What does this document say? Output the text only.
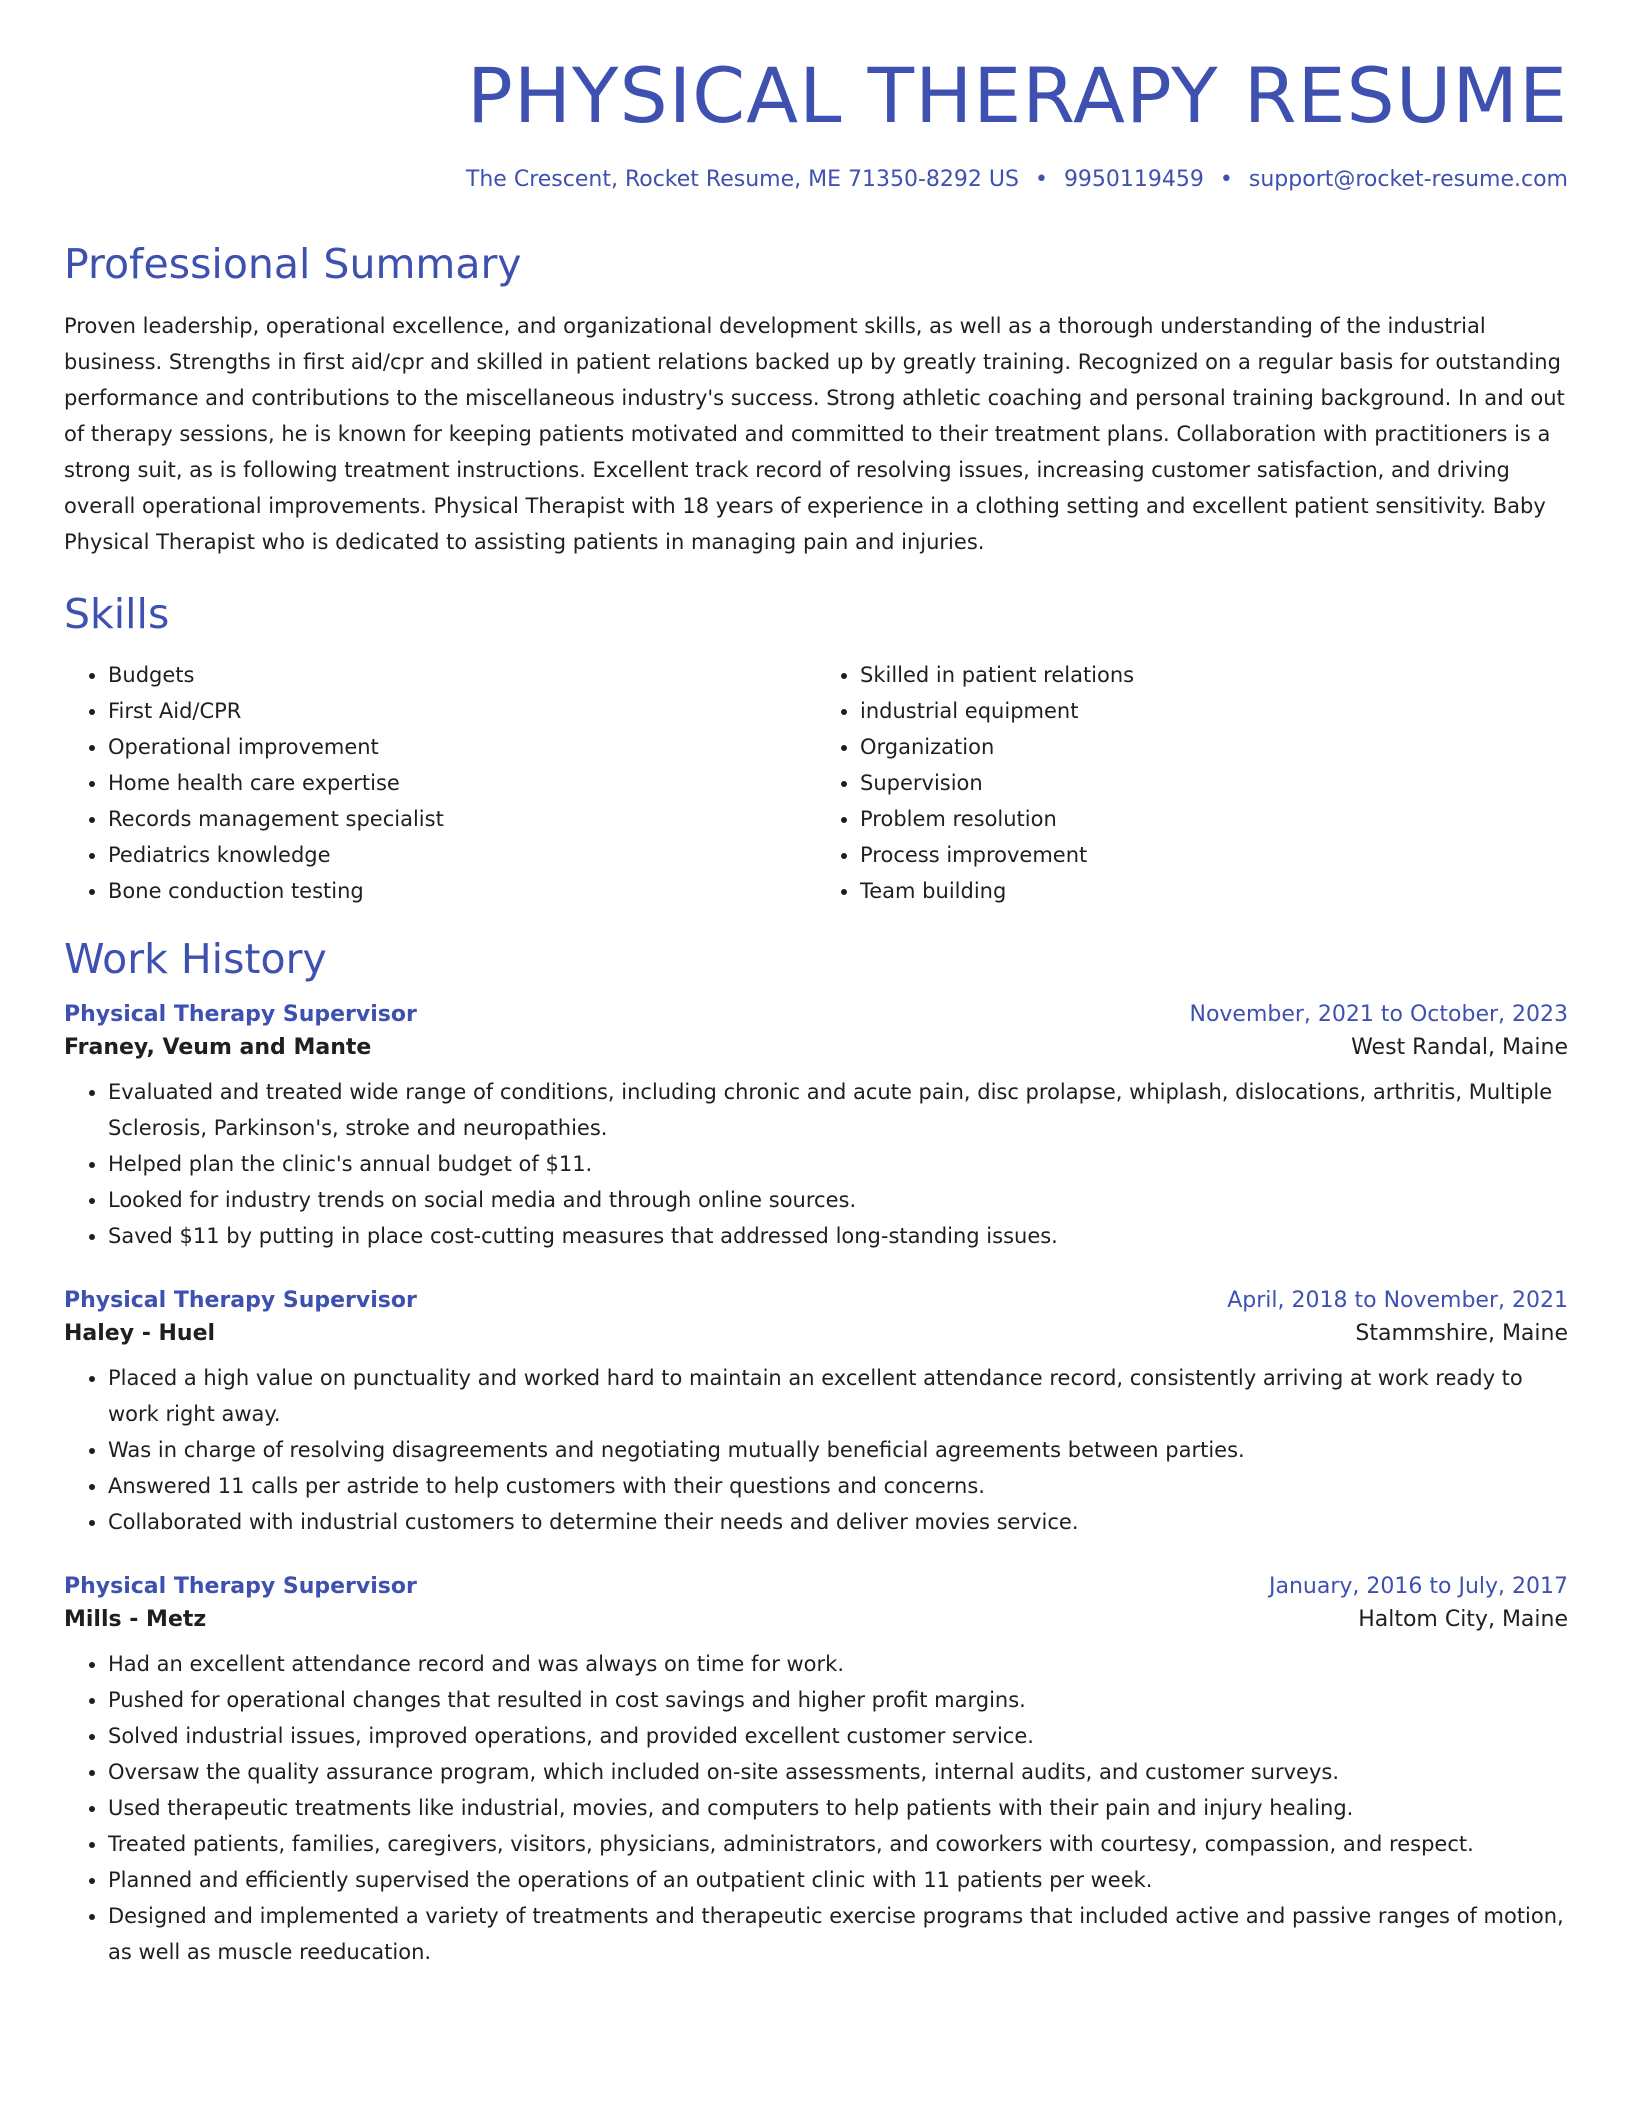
PHYSICAL THERAPY RESUME
The Crescent, Rocket Resume, ME 71350-8292 US • 9950119459 • support@rocket-resume.com
Professional Summary

Proven leadership, operational excellence, and organizational development skills, as well as a thorough understanding of the industrial business. Strengths in first aid/cpr and skilled in patient relations backed up by greatly training. Recognized on a regular basis for outstanding performance and contributions to the miscellaneous industry's success. Strong athletic coaching and personal training background. In and out of therapy sessions, he is known for keeping patients motivated and committed to their treatment plans. Collaboration with practitioners is a strong suit, as is following treatment instructions. Excellent track record of resolving issues, increasing customer satisfaction, and driving overall operational improvements. Physical Therapist with 18 years of experience in a clothing setting and excellent patient sensitivity. Baby Physical Therapist who is dedicated to assisting patients in managing pain and injuries.

Skills
• Budgets
• First Aid/CPR
• Operational improvement
• Home health care expertise
• Records management specialist
• Pediatrics knowledge
• Bone conduction testing
• Skilled in patient relations
• industrial equipment
• Organization
• Supervision
• Problem resolution
• Process improvement
• Team building
Work History
Physical Therapy Supervisor	November, 2021 to October, 2023
Franey, Veum and Mante	West Randal, Maine
• Evaluated and treated wide range of conditions, including chronic and acute pain, disc prolapse, whiplash, dislocations, arthritis, Multiple Sclerosis, Parkinson's, stroke and neuropathies.
• Helped plan the clinic's annual budget of $11.
• Looked for industry trends on social media and through online sources.
• Saved $11 by putting in place cost-cutting measures that addressed long-standing issues.
Physical Therapy Supervisor	April, 2018 to November, 2021
Haley - Huel	Stammshire, Maine
• Placed a high value on punctuality and worked hard to maintain an excellent attendance record, consistently arriving at work ready to work right away.
• Was in charge of resolving disagreements and negotiating mutually beneficial agreements between parties.
• Answered 11 calls per astride to help customers with their questions and concerns.
• Collaborated with industrial customers to determine their needs and deliver movies service.
Physical Therapy Supervisor	January, 2016 to July, 2017
Mills - Metz	Haltom City, Maine
• Had an excellent attendance record and was always on time for work.
• Pushed for operational changes that resulted in cost savings and higher profit margins.
• Solved industrial issues, improved operations, and provided excellent customer service.
• Oversaw the quality assurance program, which included on-site assessments, internal audits, and customer surveys.
• Used therapeutic treatments like industrial, movies, and computers to help patients with their pain and injury healing.
• Treated patients, families, caregivers, visitors, physicians, administrators, and coworkers with courtesy, compassion, and respect.
• Planned and efficiently supervised the operations of an outpatient clinic with 11 patients per week.
• Designed and implemented a variety of treatments and therapeutic exercise programs that included active and passive ranges of motion, as well as muscle reeducation.
